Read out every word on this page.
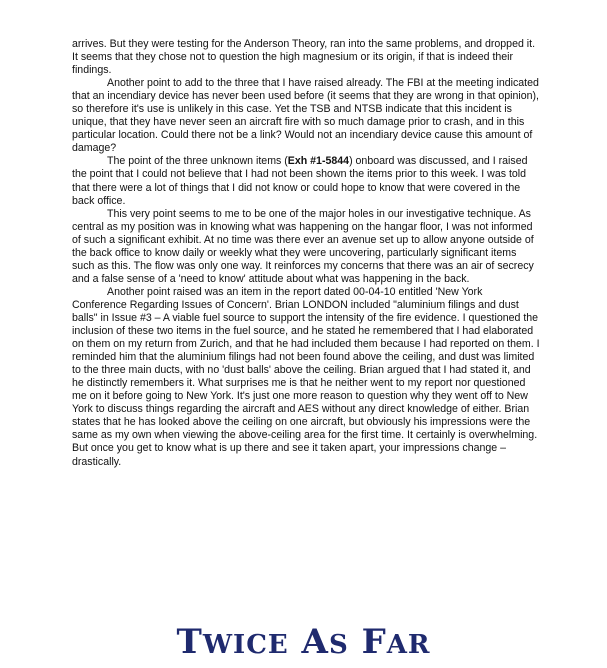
arrives. But they were testing for the Anderson Theory, ran into the same problems, and dropped it. It seems that they chose not to question the high magnesium or its origin, if that is indeed their findings.

Another point to add to the three that I have raised already. The FBI at the meeting indicated that an incendiary device has never been used before (it seems that they are wrong in that opinion), so therefore it's use is unlikely in this case. Yet the TSB and NTSB indicate that this incident is unique, that they have never seen an aircraft fire with so much damage prior to crash, and in this particular location. Could there not be a link? Would not an incendiary device cause this amount of damage?

The point of the three unknown items (Exh #1-5844) onboard was discussed, and I raised the point that I could not believe that I had not been shown the items prior to this week. I was told that there were a lot of things that I did not know or could hope to know that were covered in the back office.

This very point seems to me to be one of the major holes in our investigative technique. As central as my position was in knowing what was happening on the hangar floor, I was not informed of such a significant exhibit. At no time was there ever an avenue set up to allow anyone outside of the back office to know daily or weekly what they were uncovering, particularly significant items such as this. The flow was only one way. It reinforces my concerns that there was an air of secrecy and a false sense of a 'need to know' attitude about what was happening in the back.

Another point raised was an item in the report dated 00-04-10 entitled 'New York Conference Regarding Issues of Concern'. Brian LONDON included "aluminium filings and dust balls" in Issue #3 – A viable fuel source to support the intensity of the fire evidence. I questioned the inclusion of these two items in the fuel source, and he stated he remembered that I had elaborated on them on my return from Zurich, and that he had included them because I had reported on them. I reminded him that the aluminium filings had not been found above the ceiling, and dust was limited to the three main ducts, with no 'dust balls' above the ceiling. Brian argued that I had stated it, and he distinctly remembers it. What surprises me is that he neither went to my report nor questioned me on it before going to New York. It's just one more reason to question why they went off to New York to discuss things regarding the aircraft and AES without any direct knowledge of either. Brian states that he has looked above the ceiling on one aircraft, but obviously his impressions were the same as my own when viewing the above-ceiling area for the first time. It certainly is overwhelming. But once you get to know what is up there and see it taken apart, your impressions change – drastically.

TWICE AS FAR
